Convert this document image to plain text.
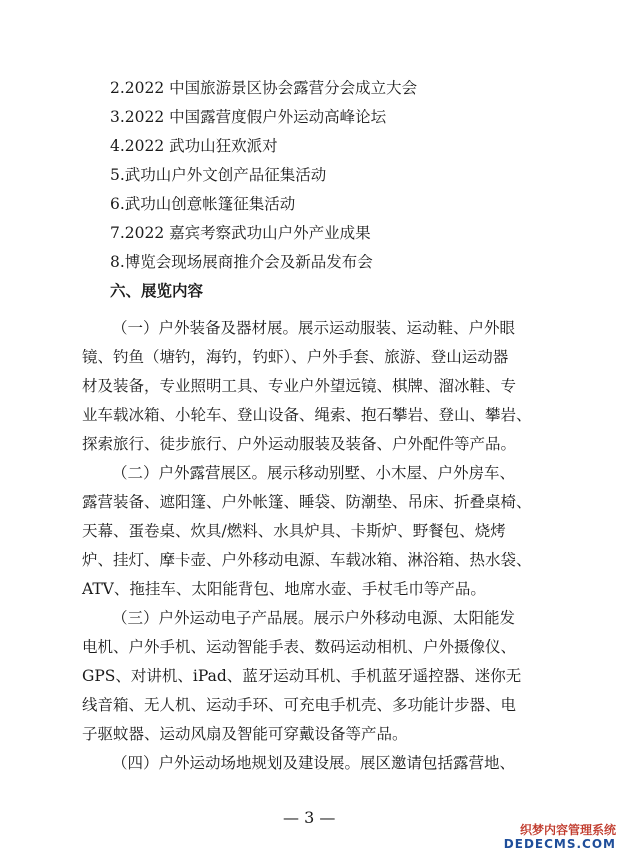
2.2022 中国旅游景区协会露营分会成立大会
3.2022 中国露营度假户外运动高峰论坛
4.2022 武功山狂欢派对
5.武功山户外文创产品征集活动
6.武功山创意帐篷征集活动
7.2022 嘉宾考察武功山户外产业成果
8.博览会现场展商推介会及新品发布会
六、展览内容
（一）户外装备及器材展。展示运动服装、运动鞋、户外眼
镜、钓鱼（塘钓，海钓，钓虾）、户外手套、旅游、登山运动器
材及装备，专业照明工具、专业户外望远镜、棋牌、溜冰鞋、专
业车载冰箱、小轮车、登山设备、绳索、抱石攀岩、登山、攀岩、
探索旅行、徒步旅行、户外运动服装及装备、户外配件等产品。
（二）户外露营展区。展示移动别墅、小木屋、户外房车、
露营装备、遮阳篷、户外帐篷、睡袋、防潮垫、吊床、折叠桌椅、
天幕、蛋卷桌、炊具/燃料、水具炉具、卡斯炉、野餐包、烧烤
炉、挂灯、摩卡壶、户外移动电源、车载冰箱、淋浴箱、热水袋、
ATV、拖挂车、太阳能背包、地席水壶、手杖毛巾等产品。
（三）户外运动电子产品展。展示户外移动电源、太阳能发
电机、户外手机、运动智能手表、数码运动相机、户外摄像仪、
GPS、对讲机、iPad、蓝牙运动耳机、手机蓝牙遥控器、迷你无
线音箱、无人机、运动手环、可充电手机壳、多功能计步器、电
子驱蚊器、运动风扇及智能可穿戴设备等产品。
（四）户外运动场地规划及建设展。展区邀请包括露营地、
— 3 —
织梦内容管理系统
DEDECMS.COM
